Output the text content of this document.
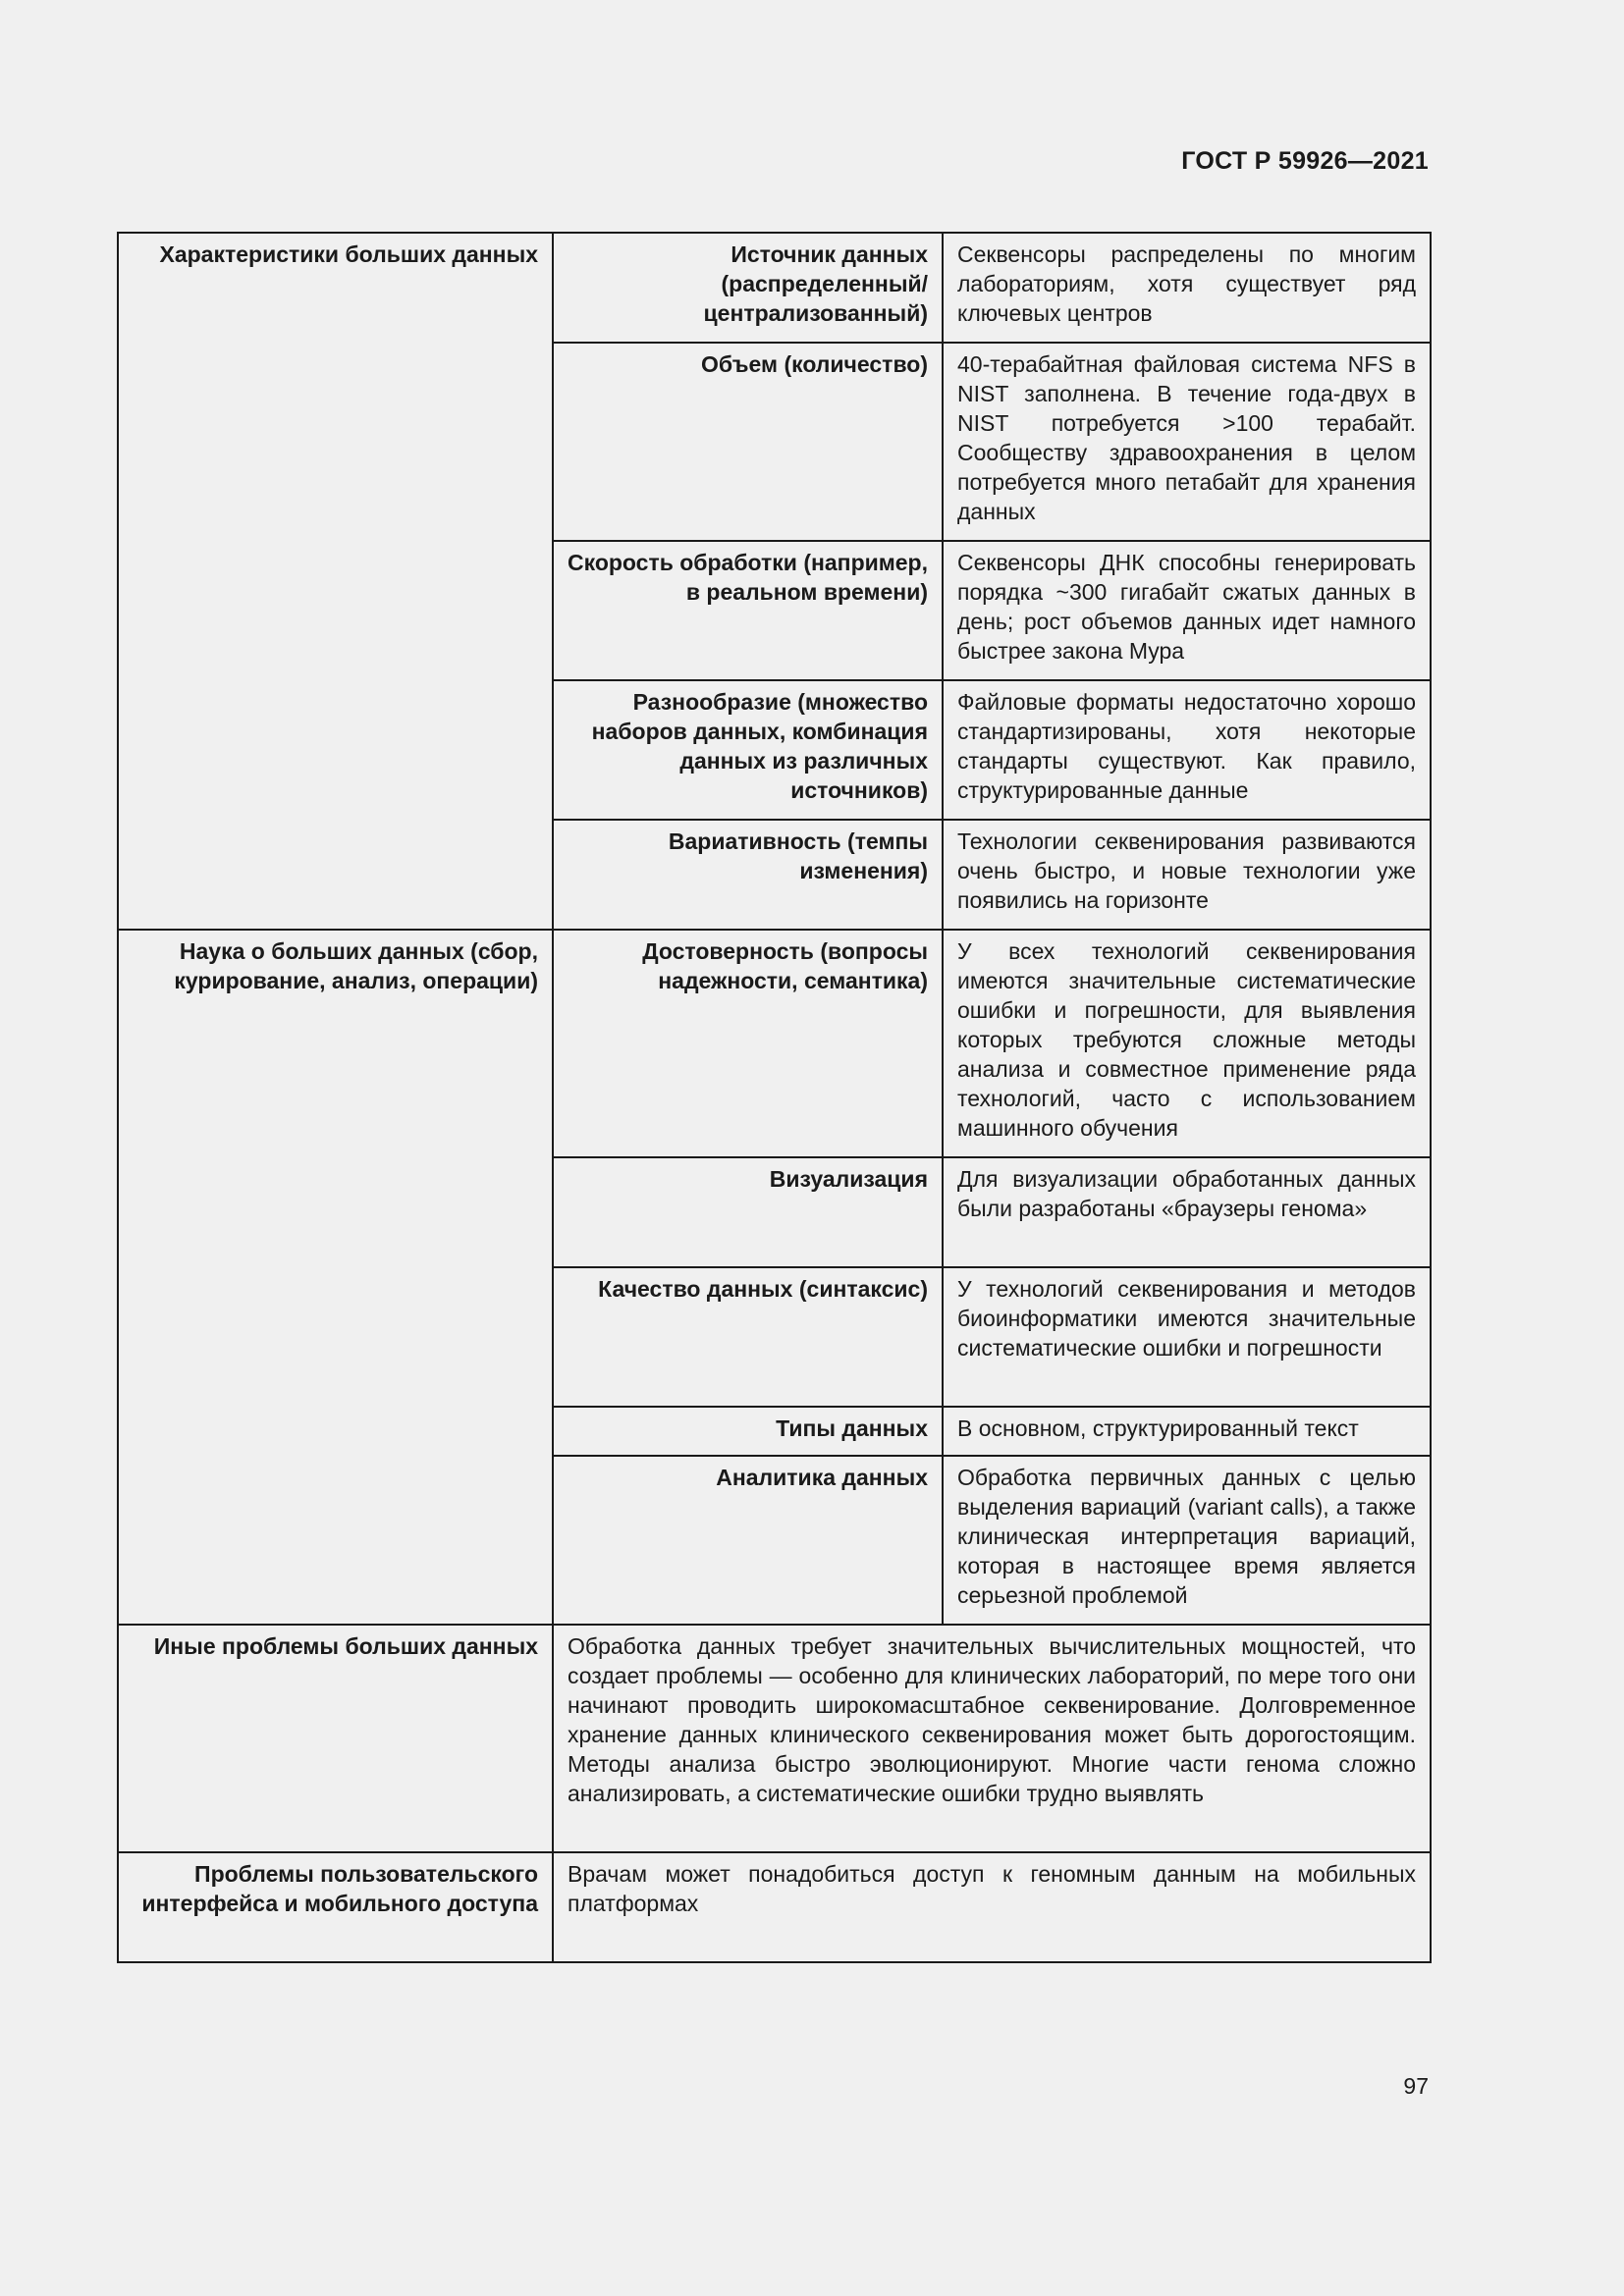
ГОСТ Р 59926—2021
Характеристики больших данных	Источник данных (распределенный/ централизованный)	Секвенсоры распределены по многим лабораториям, хотя существует ряд ключевых центров
	Объем (количество)	40-терабайтная файловая система NFS в NIST заполнена. В течение года-двух в NIST потребуется >100 терабайт. Сообществу здравоохранения в целом потребуется много петабайт для хранения данных
	Скорость обработки (например, в реальном времени)	Секвенсоры ДНК способны генерировать порядка ~300 гигабайт сжатых данных в день; рост объемов данных идет намного быстрее закона Мура
	Разнообразие (множество наборов данных, комбинация данных из различных источников)	Файловые форматы недостаточно хорошо стандартизированы, хотя некоторые стандарты существуют. Как правило, структурированные данные
	Вариативность (темпы изменения)	Технологии секвенирования развиваются очень быстро, и новые технологии уже появились на горизонте
Наука о больших данных (сбор, курирование, анализ, операции)	Достоверность (вопросы надежности, семантика)	У всех технологий секвенирования имеются значительные систематические ошибки и погрешности, для выявления которых требуются сложные методы анализа и совместное применение ряда технологий, часто с использованием машинного обучения
	Визуализация	Для визуализации обработанных данных были разработаны «браузеры генома»
	Качество данных (синтаксис)	У технологий секвенирования и методов биоинформатики имеются значительные систематические ошибки и погрешности
	Типы данных	В основном, структурированный текст
	Аналитика данных	Обработка первичных данных с целью выделения вариаций (variant calls), а также клиническая интерпретация вариаций, которая в настоящее время является серьезной проблемой
Иные проблемы больших данных	Обработка данных требует значительных вычислительных мощностей, что создает проблемы — особенно для клинических лабораторий, по мере того они начинают проводить широкомасштабное секвенирование. Долговременное хранение данных клинического секвенирования может быть дорогостоящим. Методы анализа быстро эволюционируют. Многие части генома сложно анализировать, а систематические ошибки трудно выявлять	
Проблемы пользовательского интерфейса и мобильного доступа	Врачам может понадобиться доступ к геномным данным на мобильных платформах	
97
